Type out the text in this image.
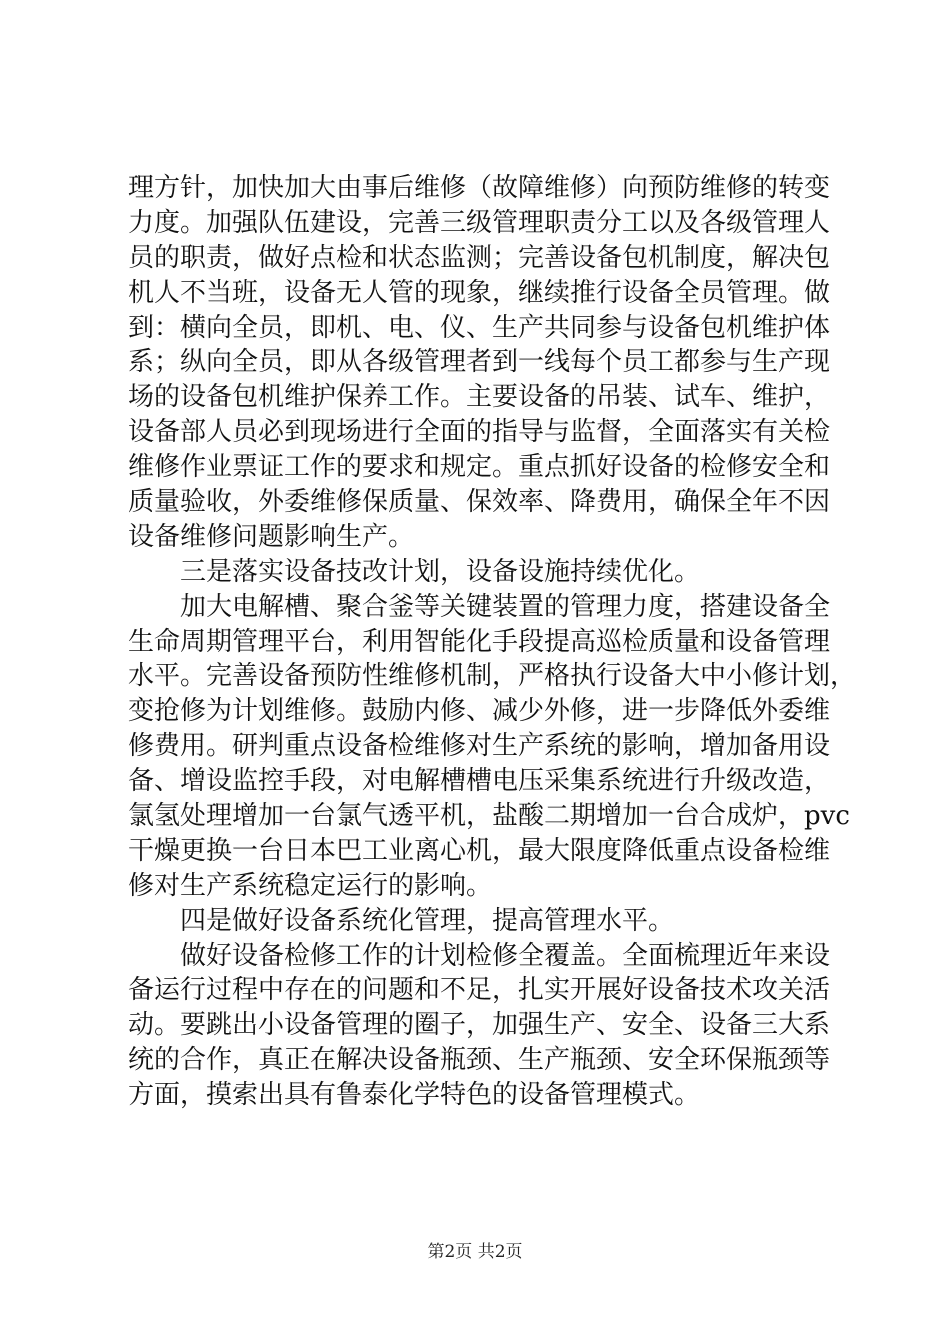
理方针，加快加大由事后维修（故障维修）向预防维修的转变
力度。加强队伍建设，完善三级管理职责分工以及各级管理人
员的职责，做好点检和状态监测；完善设备包机制度，解决包
机人不当班，设备无人管的现象，继续推行设备全员管理。做
到：横向全员，即机、电、仪、生产共同参与设备包机维护体
系；纵向全员，即从各级管理者到一线每个员工都参与生产现
场的设备包机维护保养工作。主要设备的吊装、试车、维护，
设备部人员必到现场进行全面的指导与监督，全面落实有关检
维修作业票证工作的要求和规定。重点抓好设备的检修安全和
质量验收，外委维修保质量、保效率、降费用，确保全年不因
设备维修问题影响生产。
三是落实设备技改计划，设备设施持续优化。
加大电解槽、聚合釜等关键装置的管理力度，搭建设备全
生命周期管理平台，利用智能化手段提高巡检质量和设备管理
水平。完善设备预防性维修机制，严格执行设备大中小修计划，
变抢修为计划维修。鼓励内修、减少外修，进一步降低外委维
修费用。研判重点设备检维修对生产系统的影响，增加备用设
备、增设监控手段，对电解槽槽电压采集系统进行升级改造，
氯氢处理增加一台氯气透平机，盐酸二期增加一台合成炉，pvc
干燥更换一台日本巴工业离心机，最大限度降低重点设备检维
修对生产系统稳定运行的影响。
四是做好设备系统化管理，提高管理水平。
做好设备检修工作的计划检修全覆盖。全面梳理近年来设
备运行过程中存在的问题和不足，扎实开展好设备技术攻关活
动。要跳出小设备管理的圈子，加强生产、安全、设备三大系
统的合作，真正在解决设备瓶颈、生产瓶颈、安全环保瓶颈等
方面，摸索出具有鲁泰化学特色的设备管理模式。
第2页 共2页
